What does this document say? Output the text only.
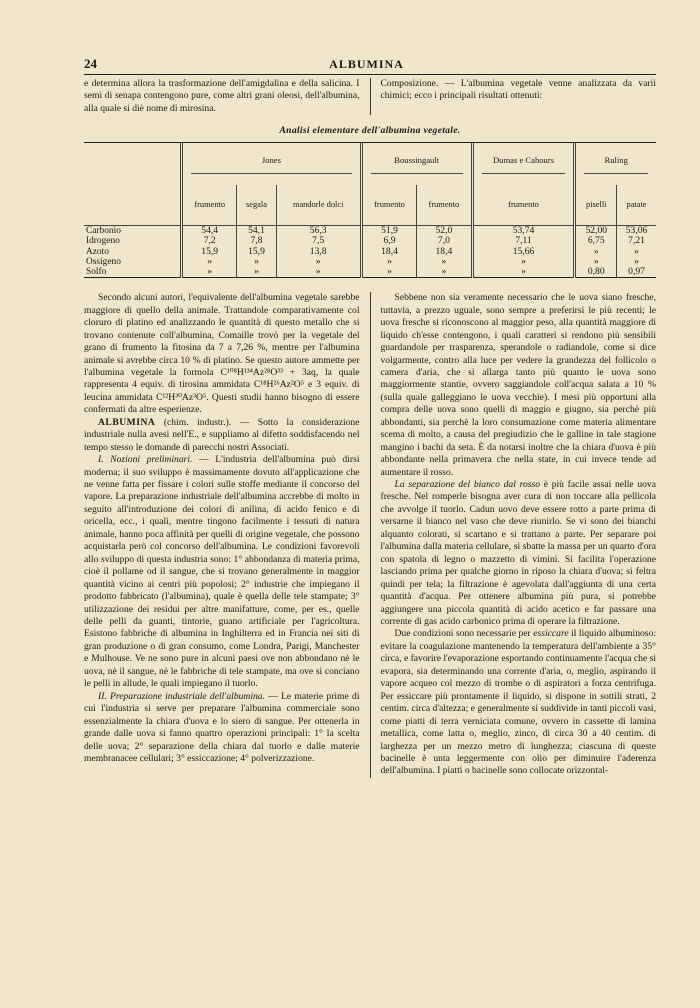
24	ALBUMINA
e determina allora la trasformazione dell'amigdalina e della salicina. I semi di senapa contengono pure, come altri grani oleosi, dell'albumina, alla quale si diè nome di mirosina.
Composizione. — L'albumina vegetale venne analizzata da varii chimici; ecco i principali risultati ottenuti:
Analisi elementare dell'albumina vegetale.

	Jones			Boussingault		Dumas e Cahours	Ruling	

	frumento	segala	mandorle dolci	frumento	frumento	frumento	piselli	patate

Carbonio	54,4	54,1	56,3	51,9	52,0	53,74	52,00	53,06
Idrogeno	7,2	7,8	7,5	6,9	7,0	7,11	6,75	7,21
Azoto	15,9	15,9	13,8	18,4	18,4	15,66	»	»
Ossigeno	»	»	»	»	»	»	»	»
Solfo	»	»	»	»	»	»	0,80	0,97

Secondo alcuni autori, l'equivalente dell'albumina vegetale sarebbe maggiore di quello della animale. Trattandole comparativamente col cloruro di platino ed analizzando le quantità di questo metallo che si trovano contenute coll'albumina, Comaille trovò per la vegetale del grano di frumento la fitosina da 7 a 7,26 %, mentre per l'albumina animale si avrebbe circa 10 % di platino. Se questo autore ammette per l'albumina vegetale la formola C¹⁰⁸H¹³⁴Az²⁸O³³ + 3aq, la quale rappresenta 4 equiv. di tirosina ammidata C¹⁸H²⁶Az²O⁵ e 3 equiv. di leucina ammidata C¹²H³⁰Az³O⁵. Questi studii hanno bisogno di essere confermati da altre esperienze.

ALBUMINA (chim. industr.). — Sotto la considerazione industriale nulla avesi nell'E., e suppliamo al difetto soddisfacendo nel tempo stesso le domande di parecchi nostri Associati.

I. Nozioni preliminari. — L'industria dell'albumina può dirsi moderna; il suo sviluppo è massimamente dovuto all'applicazione che ne venne fatta per fissare i colori sulle stoffe mediante il concorso del vapore. La preparazione industriale dell'albumina accrebbe di molto in seguito all'introduzione dei colori di anilina, di acido fenico e di oricella, ecc., i quali, mentre tingono facilmente i tessuti di natura animale, hanno poca affinità per quelli di origine vegetale, che possono acquistarla però col concorso dell'albumina. Le condizioni favorevoli allo sviluppo di questa industria sono: 1° abbondanza di materia prima, cioè il pollame od il sangue, che si trovano generalmente in maggior quantità vicino ai centri più popolosi; 2° industrie che impiegano il prodotto fabbricato (l'albumina), quale è quella delle tele stampate; 3° utilizzazione dei residui per altre manifatture, come, per es., quelle delle pelli da guanti, tintorie, guano artificiale per l'agricoltura. Esistono fabbriche di albumina in Inghilterra ed in Francia nei siti di gran produzione o di gran consumo, come Londra, Parigi, Manchester e Mulhouse. Ve ne sono pure in alcuni paesi ove non abbondano nè le uova, nè il sangue, nè le fabbriche di tele stampate, ma ove si conciano le pelli in allude, le quali impiegano il tuorlo.

II. Preparazione industriale dell'albumina. — Le materie prime di cui l'industria si serve per preparare l'albumina commerciale sono essenzialmente la chiara d'uova e lo siero di sangue. Per ottenerla in grande dalle uova si fanno quattro operazioni principali: 1° la scelta delle uova; 2° separazione della chiara dal tuorlo e dalle materie membranacee cellulari; 3° essiccazione; 4° polverizzazione.

Sebbene non sia veramente necessario che le uova siano fresche, tuttavia, a prezzo uguale, sono sempre a preferirsi le più recenti; le uova fresche si riconoscono al maggior peso, alla quantità maggiore di liquido ch'esse contengono, i quali caratteri si rendono più sensibili guardandole per trasparenza, sperandole o radiandole, come si dice volgarmente, contro alla luce per vedere la grandezza del follicolo o camera d'aria, che si allarga tanto più quanto le uova sono maggiormente stantie, ovvero saggiandole coll'acqua salata a 10 % (sulla quale galleggiano le uova vecchie). I mesi più opportuni alla compra delle uova sono quelli di maggio e giugno, sia perchè più abbondanti, sia perchè la loro consumazione come materia alimentare scema di molto, a causa del pregiudizio che le galline in tale stagione mangino i bachi da seta. È da notarsi inoltre che la chiara d'uova è più abbondante nella primavera che nella state, in cui invece tende ad aumentare il rosso.

La separazione del bianco dal rosso è più facile assai nelle uova fresche. Nel romperle bisogna aver cura di non toccare alla pellicola che avvolge il tuorlo. Cadun uovo deve essere rotto a parte prima di versarne il bianco nel vaso che deve riunirlo. Se vi sono dei bianchi alquanto colorati, si scartano e si trattano a parte. Per separare poi l'albumina dalla materia cellulare, si sbatte la massa per un quarto d'ora con spatola di legno o mazzetto di vimini. Si facilita l'operazione lasciando prima per qualche giorno in riposo la chiara d'uova; si feltra quindi per tela; la filtrazione è agevolata dall'aggiunta di una certa quantità d'acqua. Per ottenere albumina più pura, si potrebbe aggiungere una piccola quantità di acido acetico e far passare una corrente di gas acido carbonico prima di operare la filtrazione.

Due condizioni sono necessarie per essiccare il liquido albuminoso: evitare la coagulazione mantenendo la temperatura dell'ambiente a 35° circa, e favorire l'evaporazione esportando continuamente l'acqua che si evapora, sia determinando una corrente d'aria, o, meglio, aspirando il vapore acqueo col mezzo di trombe o di aspiratori a forza centrifuga. Per essiccare più prontamente il liquido, si dispone in sottili strati, 2 centim. circa d'altezza; e generalmente si suddivide in tanti piccoli vasi, come piatti di terra verniciata comune, ovvero in cassette di lamina metallica, come latta o, meglio, zinco, di circa 30 a 40 centim. di larghezza per un mezzo metro di lunghezza; ciascuna di queste bacinelle è unta leggermente con olio per diminuire l'aderenza dell'albumina. I piatti o bacinelle sono collocate orizzontal-
